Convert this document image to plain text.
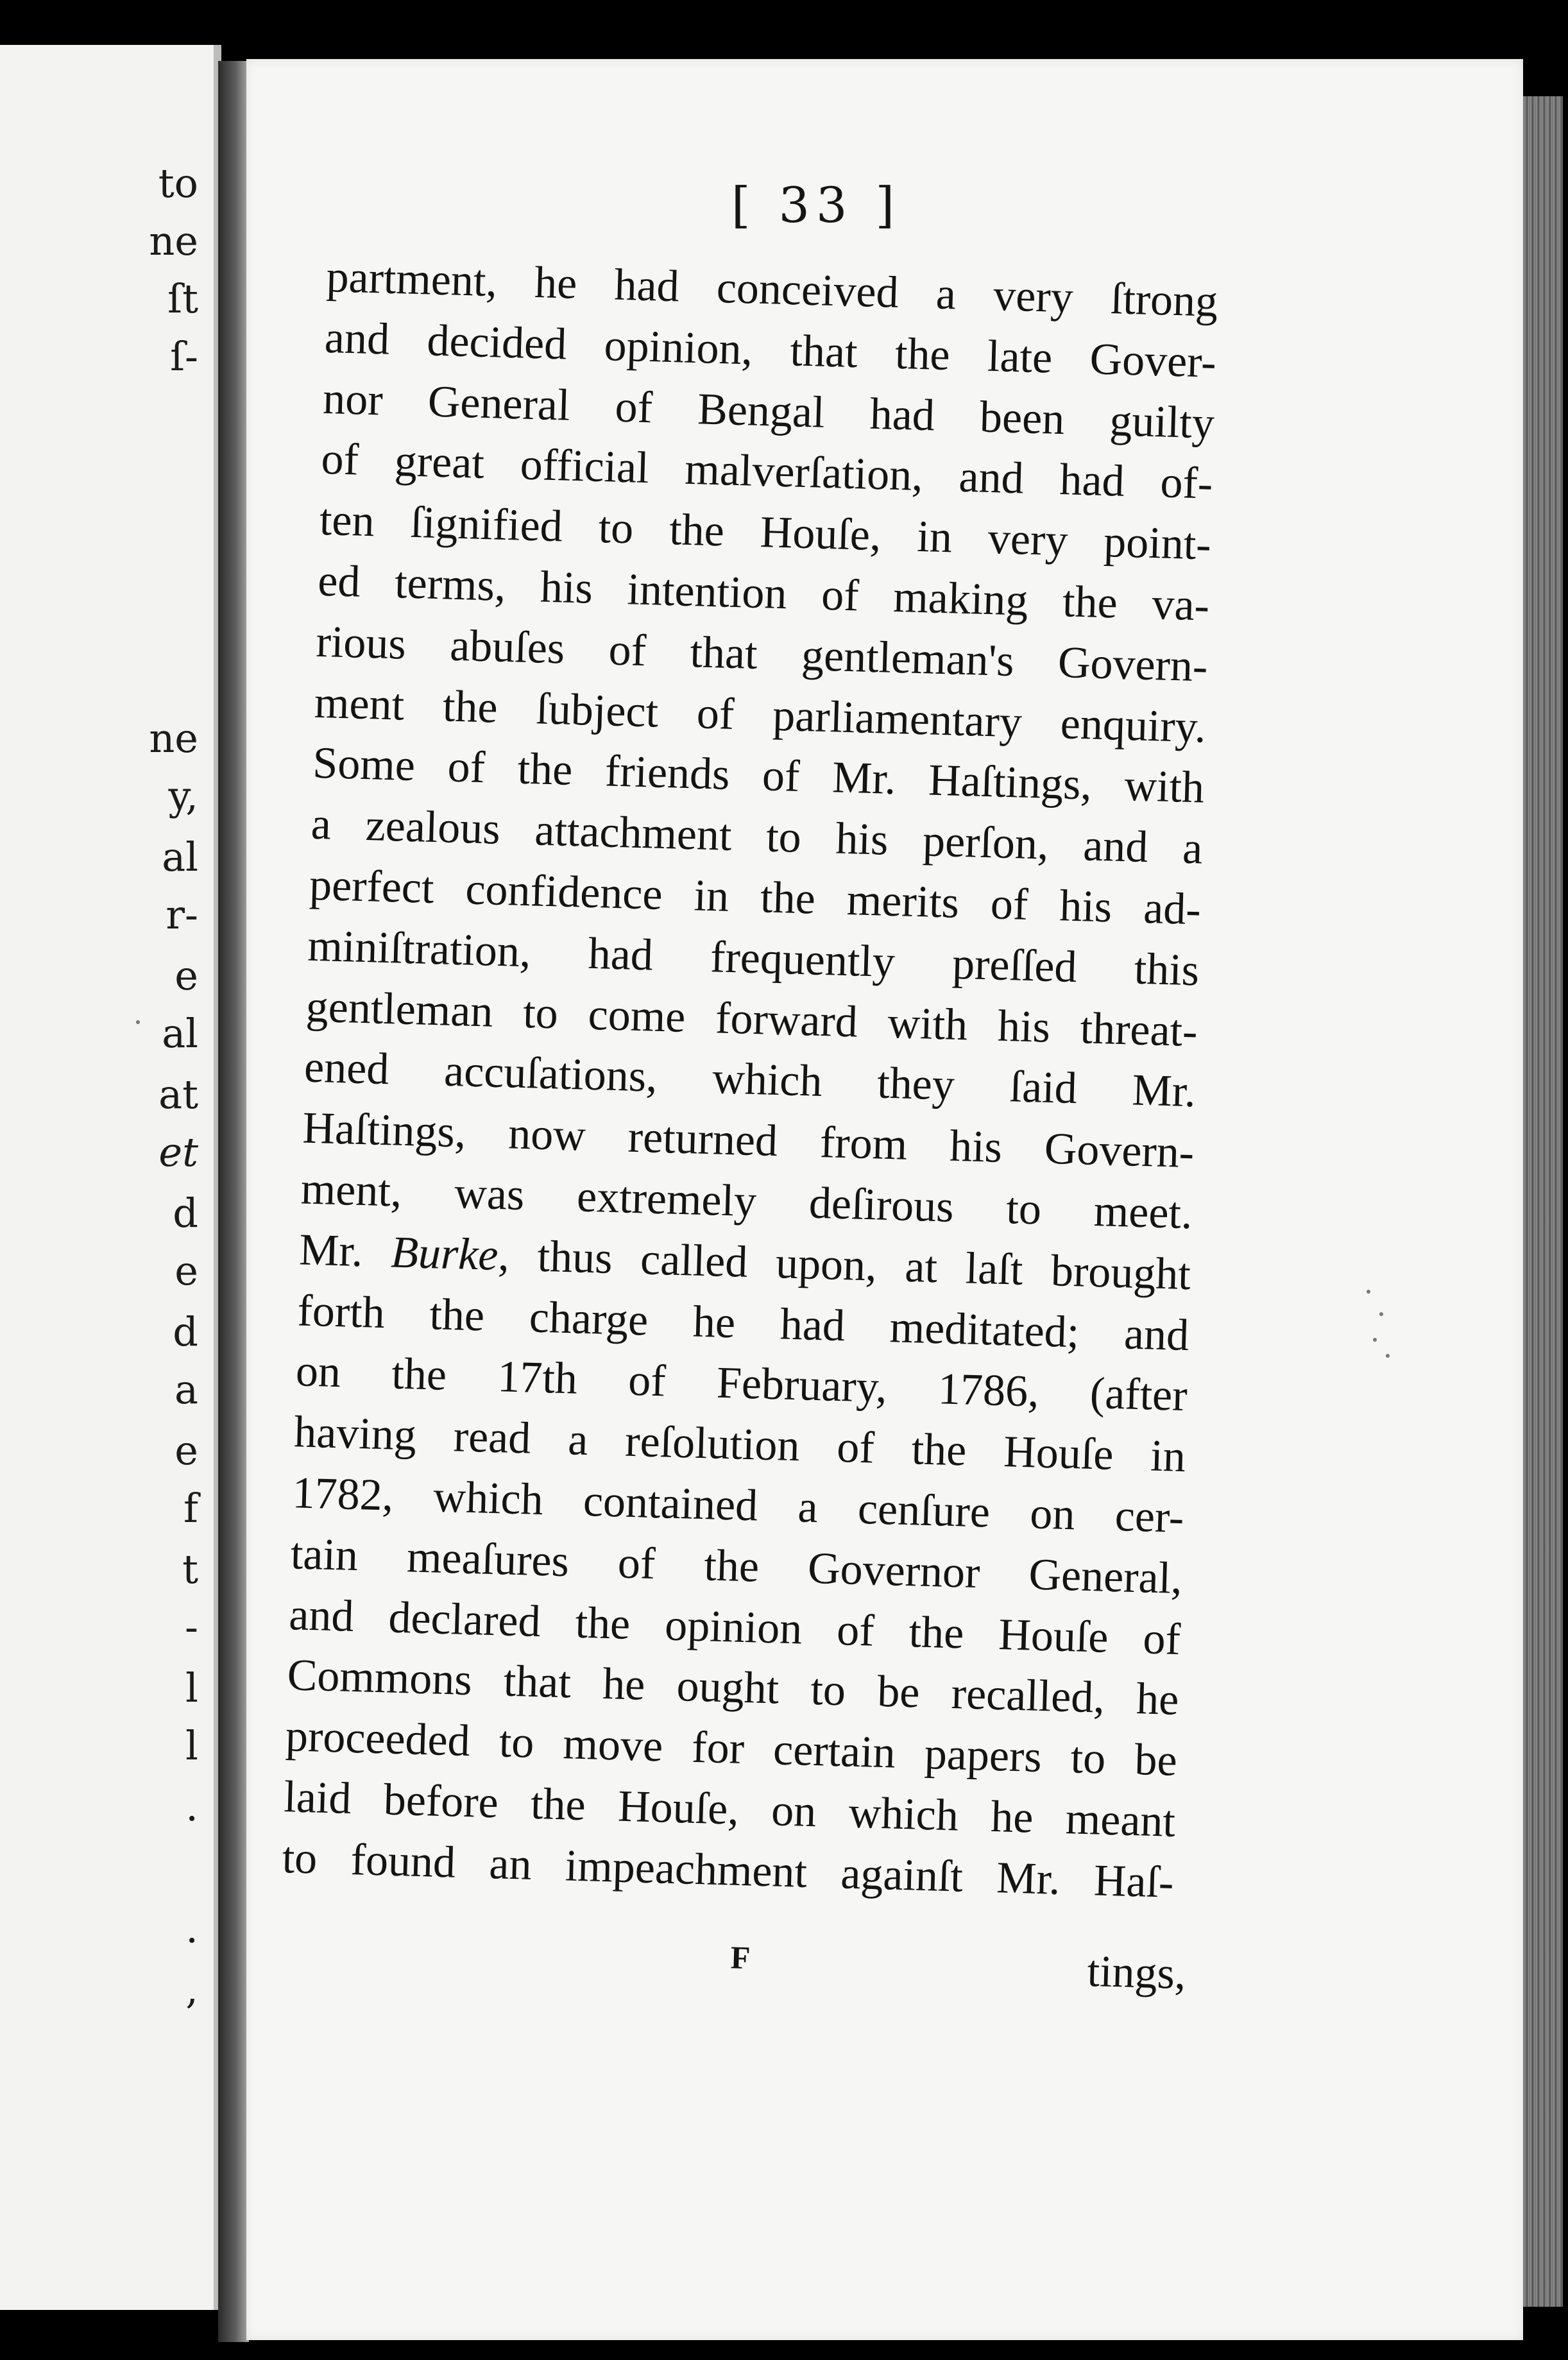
to
ne
ſt
ſ-
ne
y,
al
r-
e
al
at
et
d
e
d
a
e
f
t
-
l
l
.
.
,
[ 33 ]
partment, he had conceived a very ſtrong
and decided opinion, that the late Gover-
nor General of Bengal had been guilty
of great official malverſation, and had of-
ten ſignified to the Houſe, in very point-
ed terms, his intention of making the va-
rious abuſes of that gentleman's Govern-
ment the ſubject of parliamentary enquiry.
Some of the friends of Mr. Haſtings, with
a zealous attachment to his perſon, and a
perfect confidence in the merits of his ad-
miniſtration, had frequently preſſed this
gentleman to come forward with his threat-
ened accuſations, which they ſaid Mr.
Haſtings, now returned from his Govern-
ment, was extremely deſirous to meet.
Mr. Burke, thus called upon, at laſt brought
forth the charge he had meditated; and
on the 17th of February, 1786, (after
having read a reſolution of the Houſe in
1782, which contained a cenſure on cer-
tain meaſures of the Governor General,
and declared the opinion of the Houſe of
Commons that he ought to be recalled, he
proceeded to move for certain papers to be
laid before the Houſe, on which he meant
to found an impeachment againſt Mr. Haſ-
F	tings,
